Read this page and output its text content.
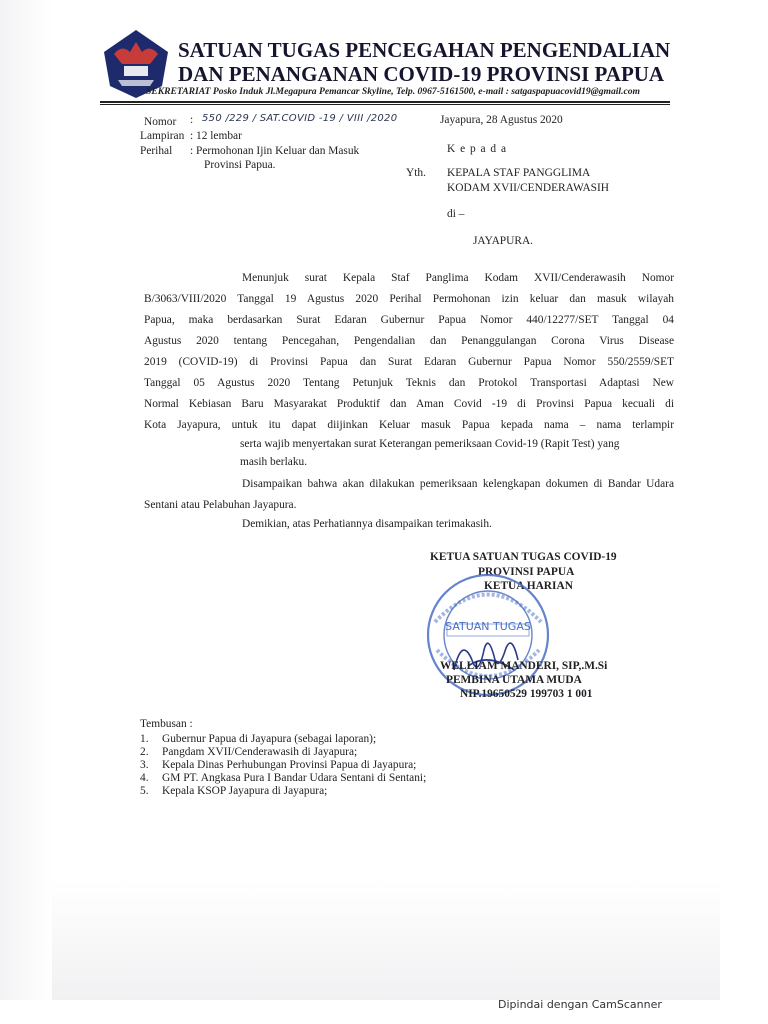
SATUAN TUGAS PENCEGAHAN PENGENDALIAN
DAN PENANGANAN COVID-19 PROVINSI PAPUA
SEKRETARIAT Posko Induk Jl.Megapura Pemancar Skyline, Telp. 0967-5161500, e-mail : satgaspapuacovid19@gmail.com
Nomor : 550 /229 / SAT.COVID -19 / VIII /2020	Jayapura, 28 Agustus 2020
Lampiran : 12 lembar
Perihal : Permohonan Ijin Keluar dan Masuk
Provinsi Papua.
K e p a d a
Yth. KEPALA STAF PANGGLIMA
KODAM XVII/CENDERAWASIH
di –
JAYAPURA.
Menunjuk surat Kepala Staf Panglima Kodam XVII/Cenderawasih Nomor
B/3063/VIII/2020 Tanggal 19 Agustus 2020 Perihal Permohonan izin keluar dan masuk wilayah
Papua, maka berdasarkan Surat Edaran Gubernur Papua Nomor 440/12277/SET Tanggal 04
Agustus 2020 tentang Pencegahan, Pengendalian dan Penanggulangan Corona Virus Disease
2019 (COVID-19) di Provinsi Papua dan Surat Edaran Gubernur Papua Nomor 550/2559/SET
Tanggal 05 Agustus 2020 Tentang Petunjuk Teknis dan Protokol Transportasi Adaptasi New
Normal Kebiasan Baru Masyarakat Produktif dan Aman Covid -19 di Provinsi Papua kecuali di
Kota Jayapura, untuk itu dapat diijinkan Keluar masuk Papua kepada nama – nama terlampir
serta wajib menyertakan surat Keterangan pemeriksaan Covid-19 (Rapit Test) yang
masih berlaku.
Disampaikan bahwa akan dilakukan pemeriksaan kelengkapan dokumen di Bandar Udara
Sentani atau Pelabuhan Jayapura.
Demikian, atas Perhatiannya disampaikan terimakasih.
KETUA SATUAN TUGAS COVID-19
PROVINSI PAPUA
KETUA HARIAN
SATUAN TUGAS
WELLIAM MANDERI, SIP,.M.Si
PEMBINA UTAMA MUDA
NIP.19650529 199703 1 001
Tembusan :
1. Gubernur Papua di Jayapura (sebagai laporan);
2. Pangdam XVII/Cenderawasih di Jayapura;
3. Kepala Dinas Perhubungan Provinsi Papua di Jayapura;
4. GM PT. Angkasa Pura I Bandar Udara Sentani di Sentani;
5. Kepala KSOP Jayapura di Jayapura;
Dipindai dengan CamScanner
